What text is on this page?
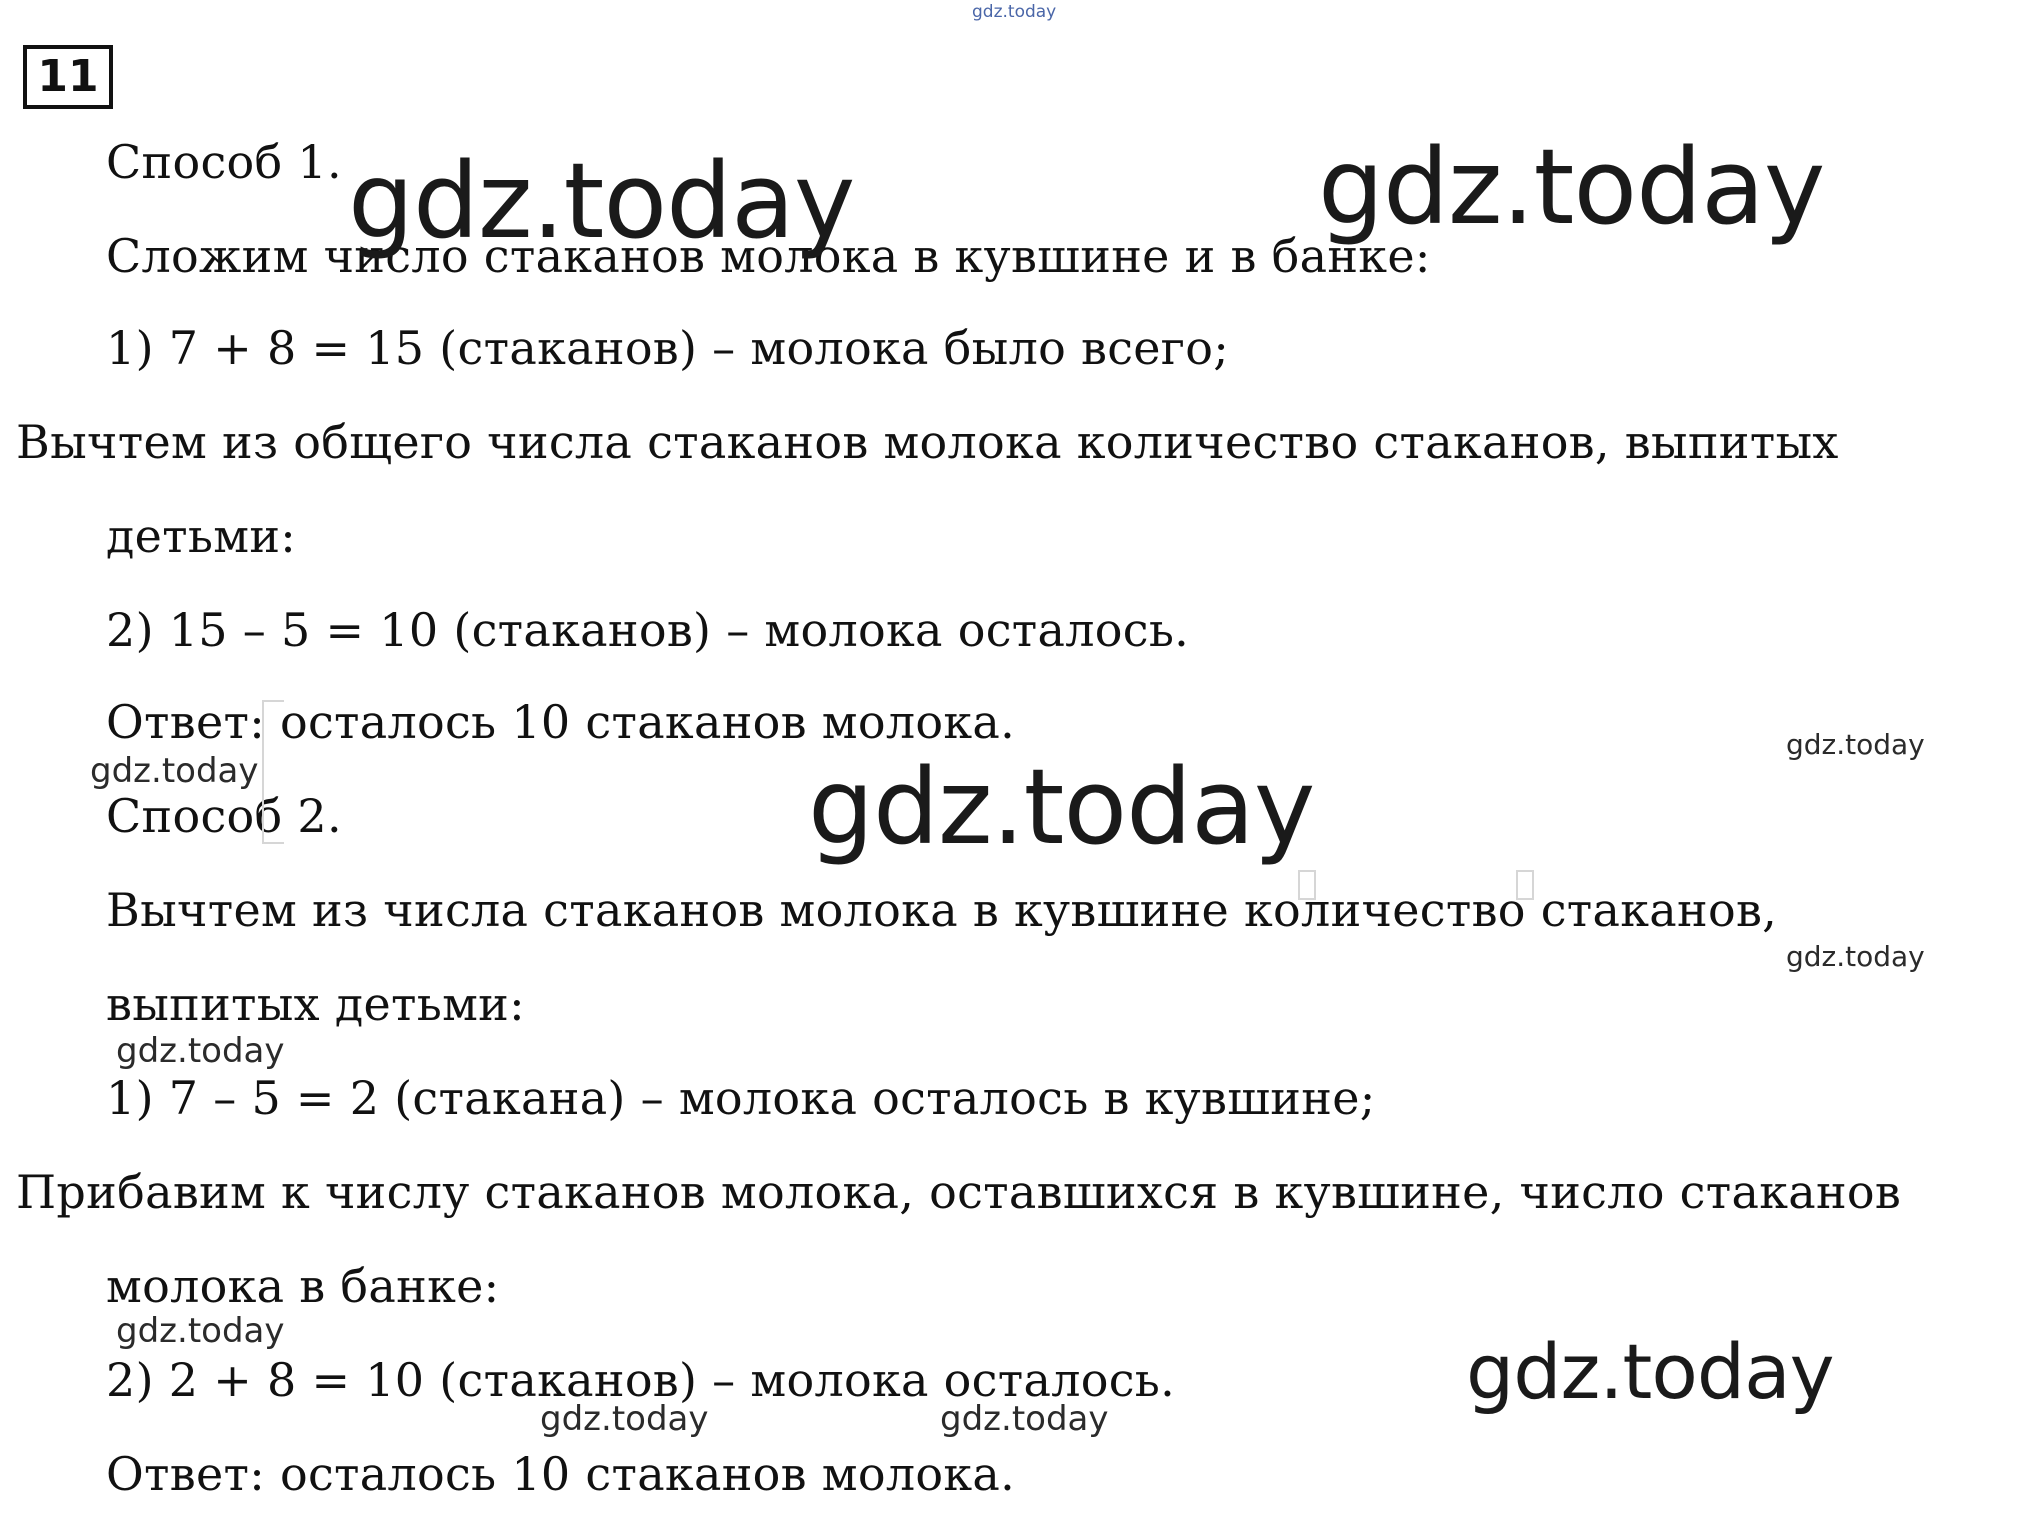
gdz.today
11
Способ 1.
Сложим число стаканов молока в кувшине и в банке:
1) 7 + 8 = 15 (стаканов) – молока было всего;
Вычтем из общего числа стаканов молока количество стаканов, выпитых
детьми:
2) 15 – 5 = 10 (стаканов) – молока осталось.
Ответ: осталось 10 стаканов молока.
Способ 2.
Вычтем из числа стаканов молока в кувшине количество стаканов,
выпитых детьми:
1) 7 – 5 = 2 (стакана) – молока осталось в кувшине;
Прибавим к числу стаканов молока, оставшихся в кувшине, число стаканов
молока в банке:
2) 2 + 8 = 10 (стаканов) – молока осталось.
Ответ: осталось 10 стаканов молока.
gdz.today	gdz.today
gdz.today
gdz.today
gdz.today
gdz.today
gdz.today
gdz.today
gdz.today
gdz.today	gdz.today
